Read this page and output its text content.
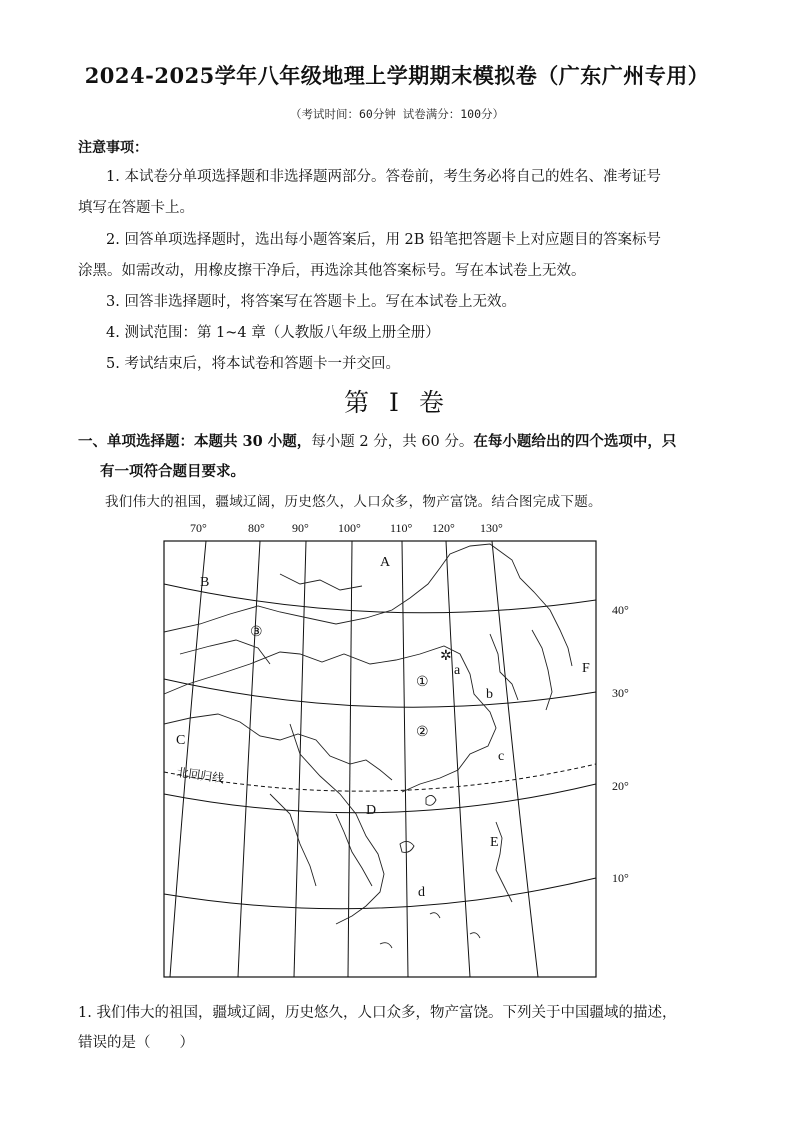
2024-2025学年八年级地理上学期期末模拟卷（广东广州专用）
（考试时间：60分钟 试卷满分：100分）
注意事项：
1. 本试卷分单项选择题和非选择题两部分。答卷前，考生务必将自己的姓名、准考证号
填写在答题卡上。
2. 回答单项选择题时，选出每小题答案后，用 2B 铅笔把答题卡上对应题目的答案标号
涂黑。如需改动，用橡皮擦干净后，再选涂其他答案标号。写在本试卷上无效。
3. 回答非选择题时，将答案写在答题卡上。写在本试卷上无效。
4. 测试范围：第 1~4 章（人教版八年级上册全册）
5. 考试结束后，将本试卷和答题卡一并交回。
第 I 卷
一、单项选择题：本题共 30 小题，每小题 2 分，共 60 分。在每小题给出的四个选项中，只
有一项符合题目要求。
我们伟大的祖国，疆域辽阔，历史悠久，人口众多，物产富饶。结合图完成下题。
70°	80° 90° 100° 110° 120° 130°
40°
30°
20°
10°
A
B
C
D
E
F
a
b
c
d
①
②
③
✲
北回归线
1. 我们伟大的祖国，疆域辽阔，历史悠久，人口众多，物产富饶。下列关于中国疆域的描述，
错误的是（　　）
